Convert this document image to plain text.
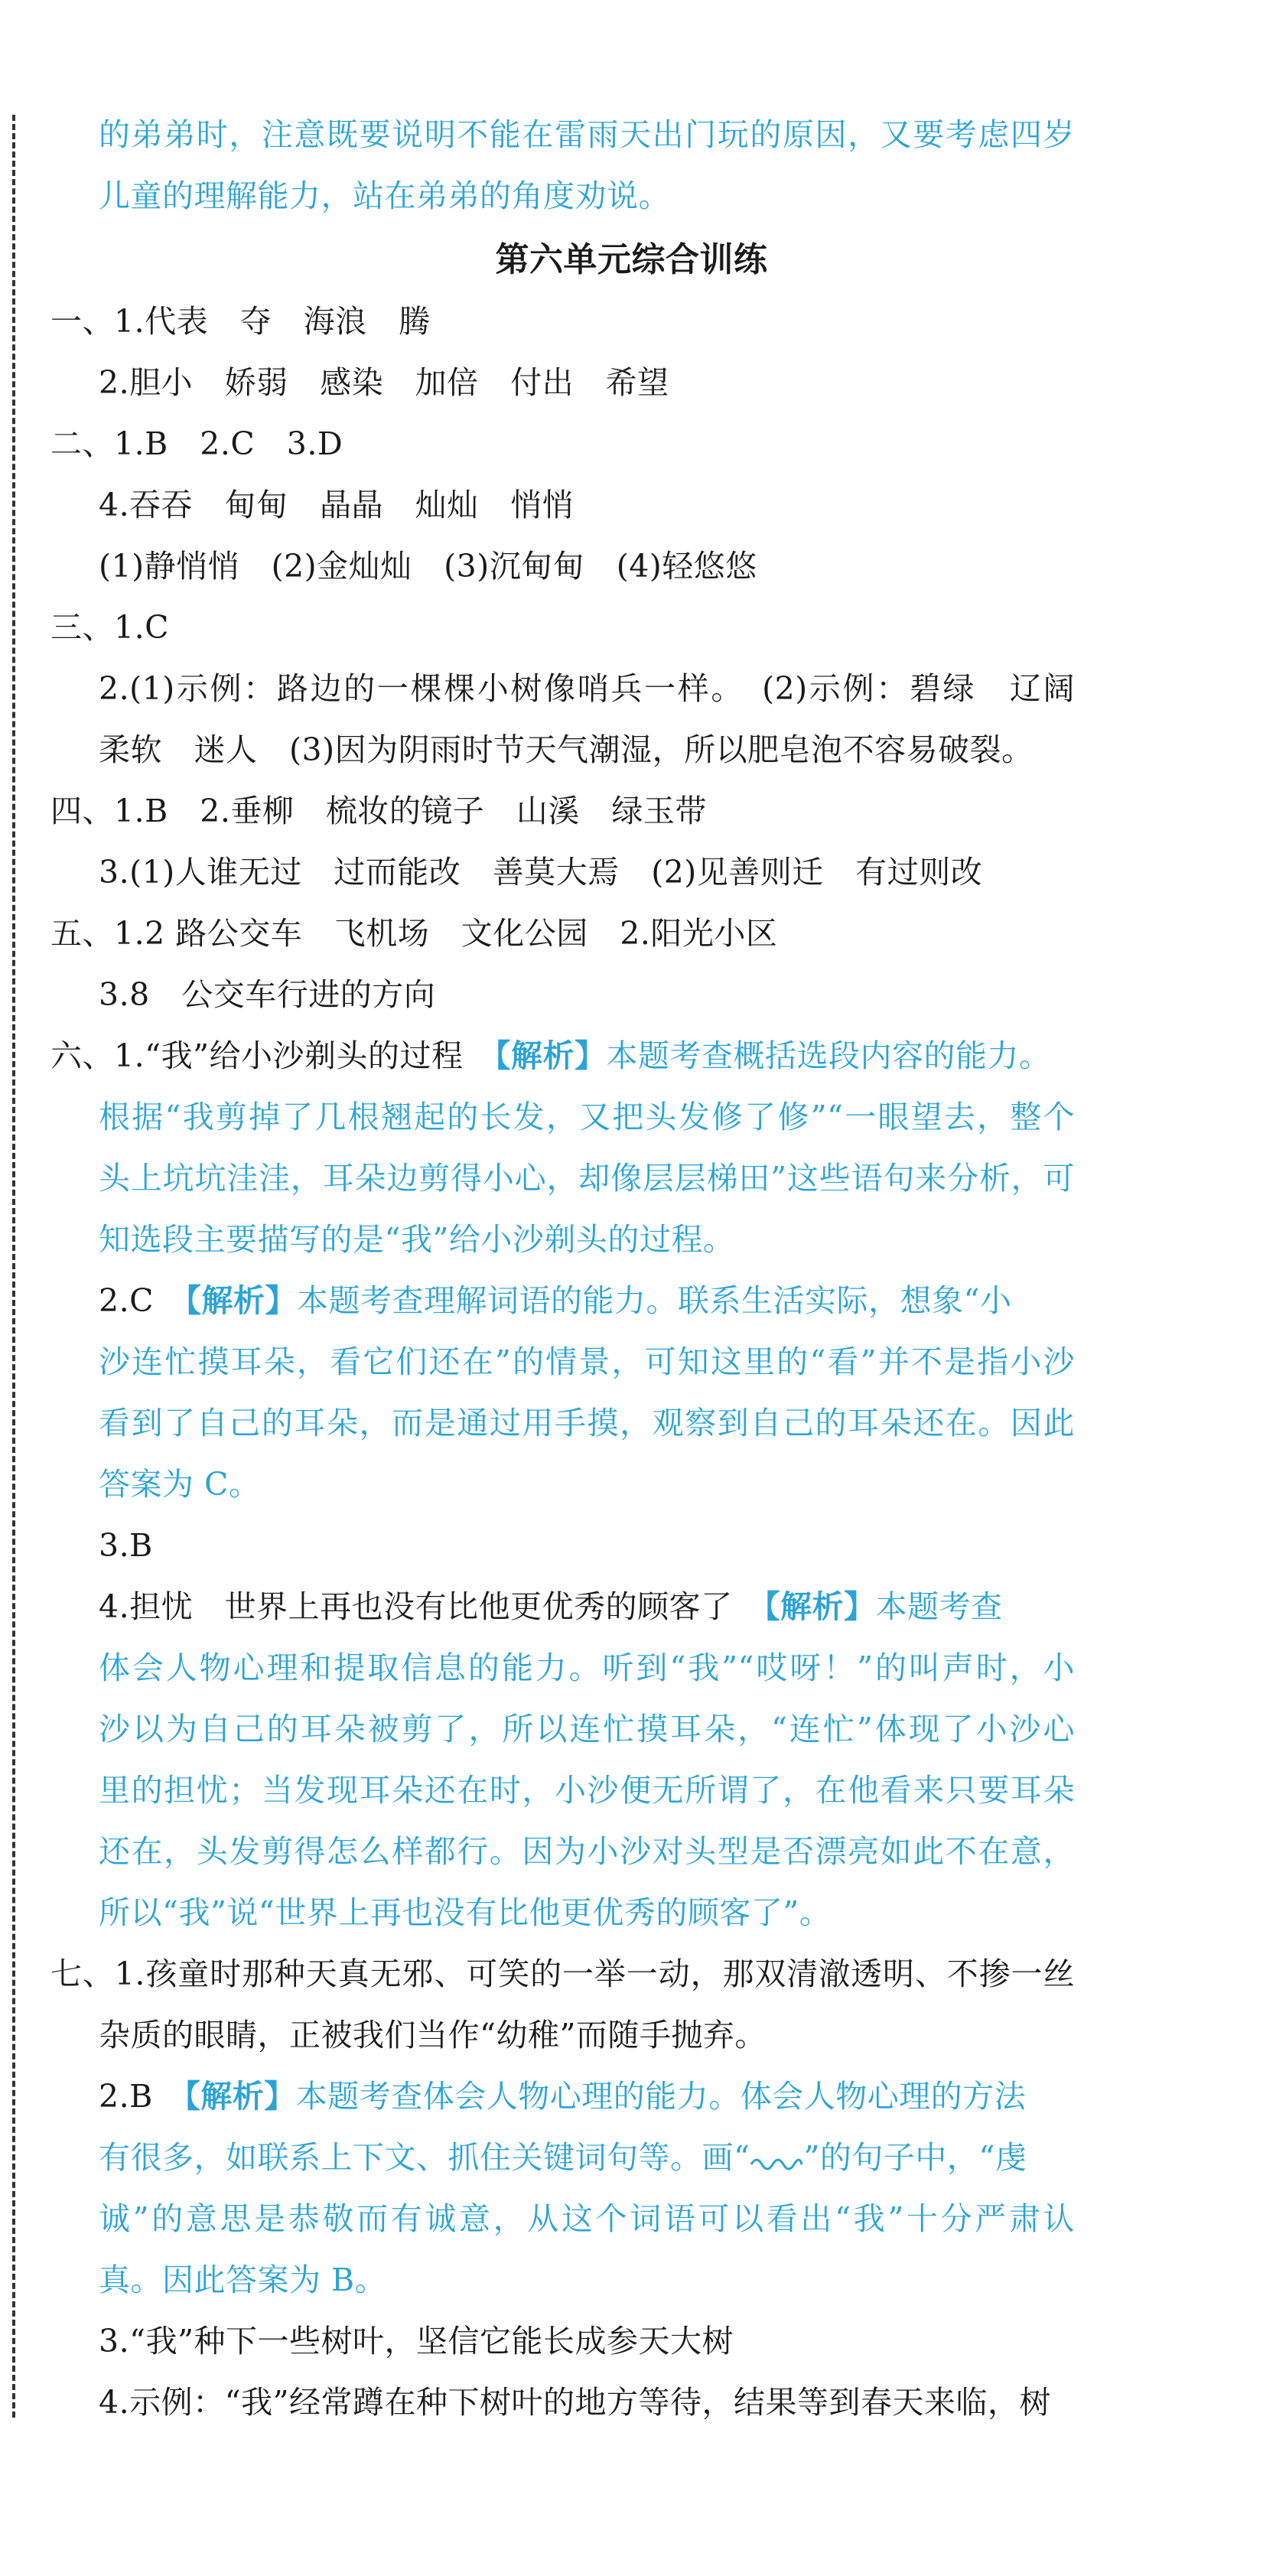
的弟弟时，注意既要说明不能在雷雨天出门玩的原因，又要考虑四岁
儿童的理解能力，站在弟弟的角度劝说。
第六单元综合训练
一、1.代表　夺　海浪　腾
2.胆小　娇弱　感染　加倍　付出　希望
二、1.B　2.C　3.D
4.吞吞　甸甸　晶晶　灿灿　悄悄
(1)静悄悄　(2)金灿灿　(3)沉甸甸　(4)轻悠悠
三、1.C
2.(1)示例：路边的一棵棵小树像哨兵一样。　(2)示例：碧绿　辽阔
柔软　迷人　(3)因为阴雨时节天气潮湿，所以肥皂泡不容易破裂。
四、1.B　2.垂柳　梳妆的镜子　山溪　绿玉带
3.(1)人谁无过　过而能改　善莫大焉　(2)见善则迁　有过则改
五、1.2 路公交车　飞机场　文化公园　2.阳光小区
3.8　公交车行进的方向
六、1.“我”给小沙剃头的过程　【解析】本题考查概括选段内容的能力。
根据“我剪掉了几根翘起的长发，又把头发修了修”“一眼望去，整个
头上坑坑洼洼，耳朵边剪得小心，却像层层梯田”这些语句来分析，可
知选段主要描写的是“我”给小沙剃头的过程。
2.C　【解析】本题考查理解词语的能力。联系生活实际，想象“小
沙连忙摸耳朵，看它们还在”的情景，可知这里的“看”并不是指小沙
看到了自己的耳朵，而是通过用手摸，观察到自己的耳朵还在。因此
答案为 C。
3.B
4.担忧　世界上再也没有比他更优秀的顾客了　【解析】本题考查
体会人物心理和提取信息的能力。听到“我”“哎呀！”的叫声时，小
沙以为自己的耳朵被剪了，所以连忙摸耳朵，“连忙”体现了小沙心
里的担忧；当发现耳朵还在时，小沙便无所谓了，在他看来只要耳朵
还在，头发剪得怎么样都行。因为小沙对头型是否漂亮如此不在意，
所以“我”说“世界上再也没有比他更优秀的顾客了”。
七、1.孩童时那种天真无邪、可笑的一举一动，那双清澈透明、不掺一丝
杂质的眼睛，正被我们当作“幼稚”而随手抛弃。
2.B　【解析】本题考查体会人物心理的能力。体会人物心理的方法
有很多，如联系上下文、抓住关键词句等。画“ ”的句子中，“虔
诚”的意思是恭敬而有诚意，从这个词语可以看出“我”十分严肃认
真。因此答案为 B。
3.“我”种下一些树叶，坚信它能长成参天大树
4.示例：“我”经常蹲在种下树叶的地方等待，结果等到春天来临，树
